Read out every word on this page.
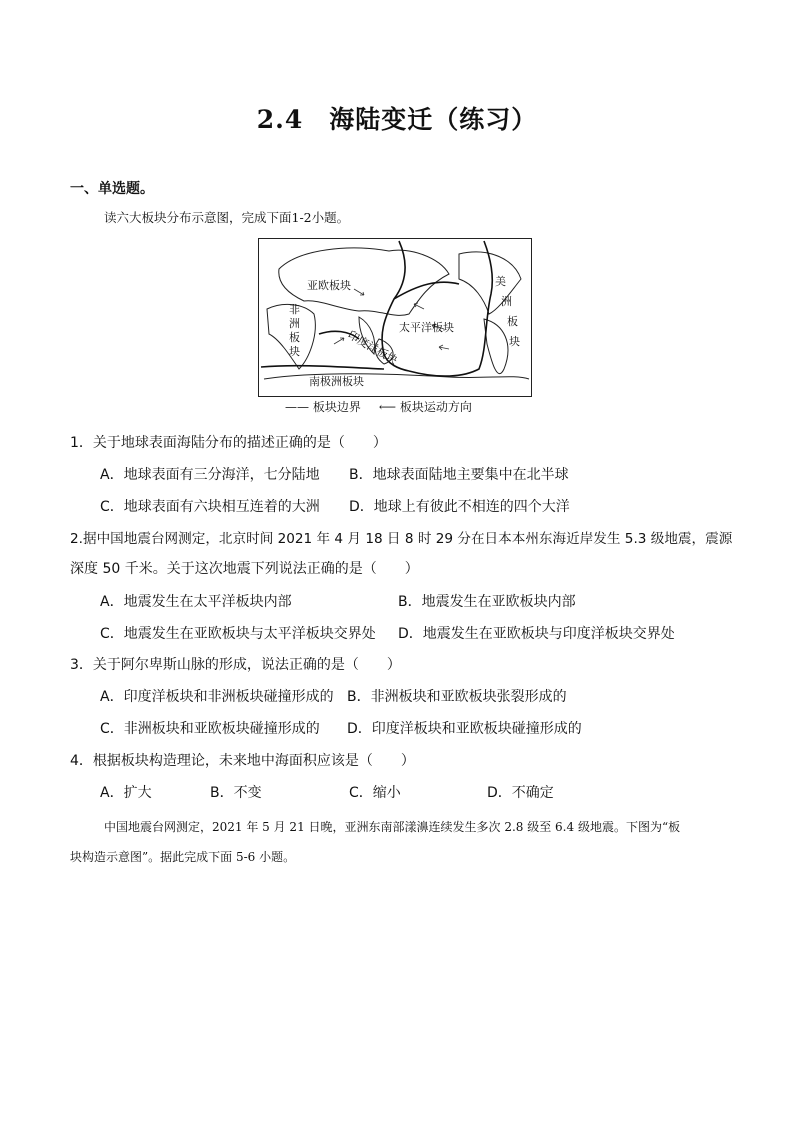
2.4 海陆变迁（练习）
一、单选题。
读六大板块分布示意图，完成下面1-2小题。
亚欧板块
太平洋板块
南极洲板块
印度洋板块
非
洲
板
块
美
洲
板
块
—— 板块边界 ⟵ 板块运动方向
1．关于地球表面海陆分布的描述正确的是（　　）
A．地球表面有三分海洋，七分陆地 B．地球表面陆地主要集中在北半球
C．地球表面有六块相互连着的大洲 D．地球上有彼此不相连的四个大洋
2.据中国地震台网测定，北京时间 2021 年 4 月 18 日 8 时 29 分在日本本州东海近岸发生 5.3 级地震，震源
深度 50 千米。关于这次地震下列说法正确的是（　　）
A．地震发生在太平洋板块内部	B．地震发生在亚欧板块内部
C．地震发生在亚欧板块与太平洋板块交界处 D．地震发生在亚欧板块与印度洋板块交界处
3．关于阿尔卑斯山脉的形成，说法正确的是（　　）
A．印度洋板块和非洲板块碰撞形成的 B．非洲板块和亚欧板块张裂形成的
C．非洲板块和亚欧板块碰撞形成的 D．印度洋板块和亚欧板块碰撞形成的
4．根据板块构造理论，未来地中海面积应该是（　　）
A．扩大	B．不变	C．缩小	D．不确定
中国地震台网测定，2021 年 5 月 21 日晚，亚洲东南部漾濞连续发生多次 2.8 级至 6.4 级地震。下图为“板
块构造示意图”。据此完成下面 5-6 小题。
